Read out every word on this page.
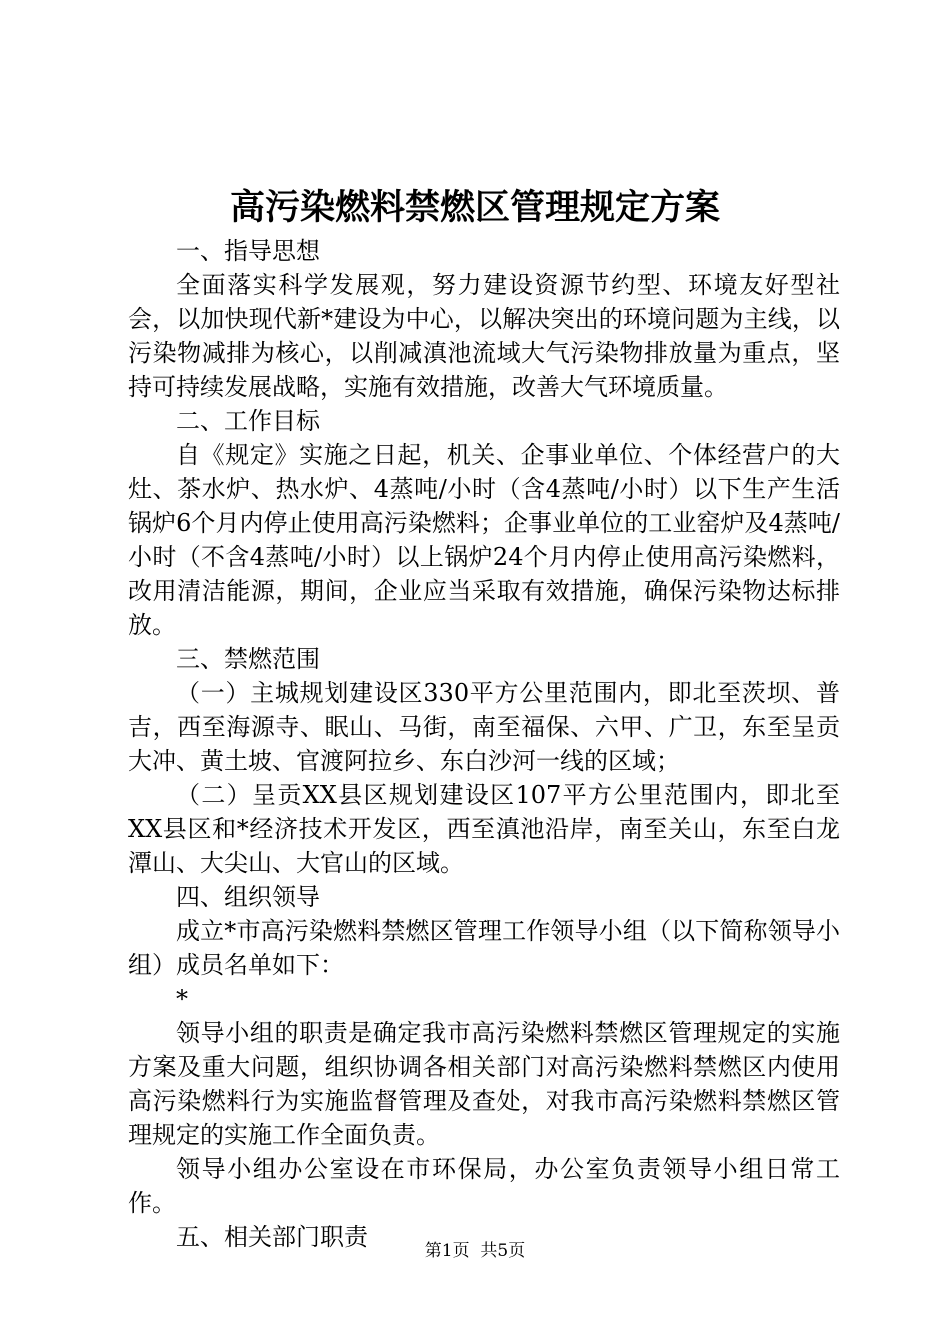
高污染燃料禁燃区管理规定方案

一、指导思想

全面落实科学发展观，努力建设资源节约型、环境友好型社会，以加快现代新*建设为中心，以解决突出的环境问题为主线，以污染物减排为核心，以削减滇池流域大气污染物排放量为重点，坚持可持续发展战略，实施有效措施，改善大气环境质量。

二、工作目标

自《规定》实施之日起，机关、企事业单位、个体经营户的大灶、茶水炉、热水炉、4蒸吨/小时（含4蒸吨/小时）以下生产生活锅炉6个月内停止使用高污染燃料；企事业单位的工业窑炉及4蒸吨/小时（不含4蒸吨/小时）以上锅炉24个月内停止使用高污染燃料，改用清洁能源，期间，企业应当采取有效措施，确保污染物达标排放。

三、禁燃范围

（一）主城规划建设区330平方公里范围内，即北至茨坝、普吉，西至海源寺、眠山、马街，南至福保、六甲、广卫，东至呈贡大冲、黄土坡、官渡阿拉乡、东白沙河一线的区域；

（二）呈贡XX县区规划建设区107平方公里范围内，即北至XX县区和*经济技术开发区，西至滇池沿岸，南至关山，东至白龙潭山、大尖山、大官山的区域。

四、组织领导

成立*市高污染燃料禁燃区管理工作领导小组（以下简称领导小组）成员名单如下：

*

领导小组的职责是确定我市高污染燃料禁燃区管理规定的实施方案及重大问题，组织协调各相关部门对高污染燃料禁燃区内使用高污染燃料行为实施监督管理及查处，对我市高污染燃料禁燃区管理规定的实施工作全面负责。

领导小组办公室设在市环保局，办公室负责领导小组日常工作。

五、相关部门职责	第1页  共5页
